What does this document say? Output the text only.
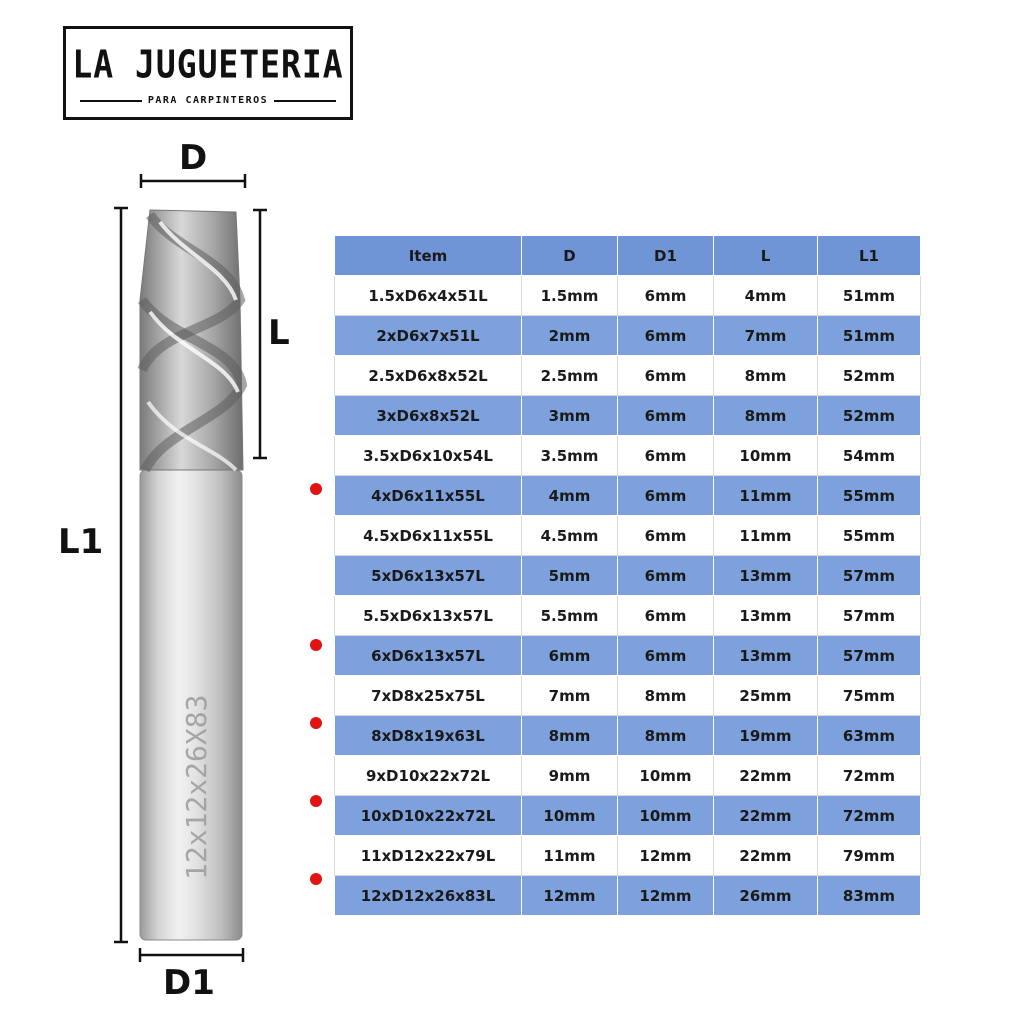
LA JUGUETERIA
PARA CARPINTEROS
12x12x26X83
D
L
L1
D1
Item	D	D1	L	L1
1.5xD6x4x51L	1.5mm	6mm	4mm	51mm
2xD6x7x51L	2mm	6mm	7mm	51mm
2.5xD6x8x52L	2.5mm	6mm	8mm	52mm
3xD6x8x52L	3mm	6mm	8mm	52mm
3.5xD6x10x54L	3.5mm	6mm	10mm	54mm
4xD6x11x55L	4mm	6mm	11mm	55mm
4.5xD6x11x55L	4.5mm	6mm	11mm	55mm
5xD6x13x57L	5mm	6mm	13mm	57mm
5.5xD6x13x57L	5.5mm	6mm	13mm	57mm
6xD6x13x57L	6mm	6mm	13mm	57mm
7xD8x25x75L	7mm	8mm	25mm	75mm
8xD8x19x63L	8mm	8mm	19mm	63mm
9xD10x22x72L	9mm	10mm	22mm	72mm
10xD10x22x72L	10mm	10mm	22mm	72mm
11xD12x22x79L	11mm	12mm	22mm	79mm
12xD12x26x83L	12mm	12mm	26mm	83mm
